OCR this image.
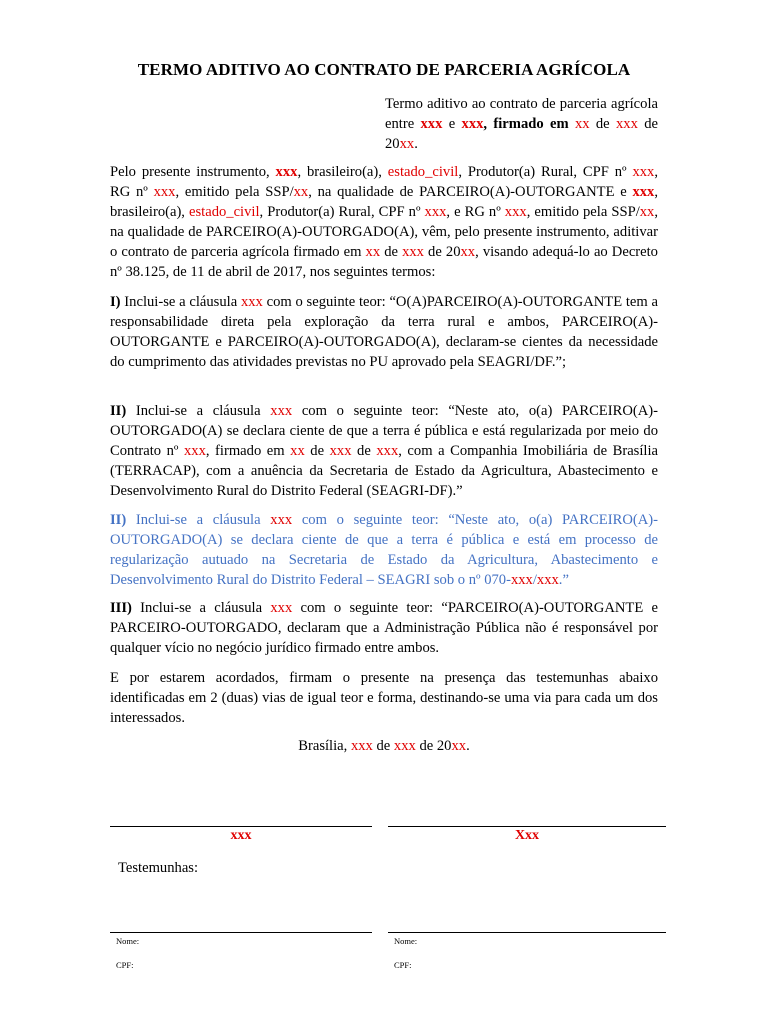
TERMO ADITIVO AO CONTRATO DE PARCERIA AGRÍCOLA
Termo aditivo ao contrato de parceria agrícola entre xxx e xxx, firmado em xx de xxx de 20xx.
Pelo presente instrumento, xxx, brasileiro(a), estado_civil, Produtor(a) Rural, CPF nº xxx, RG nº xxx, emitido pela SSP/xx, na qualidade de PARCEIRO(A)-OUTORGANTE e xxx, brasileiro(a), estado_civil, Produtor(a) Rural, CPF nº xxx, e RG nº xxx, emitido pela SSP/xx, na qualidade de PARCEIRO(A)-OUTORGADO(A), vêm, pelo presente instrumento, aditivar o contrato de parceria agrícola firmado em xx de xxx de 20xx, visando adequá-lo ao Decreto nº 38.125, de 11 de abril de 2017, nos seguintes termos:
I) Inclui-se a cláusula xxx com o seguinte teor: “O(A)PARCEIRO(A)-OUTORGANTE tem a responsabilidade direta pela exploração da terra rural e ambos, PARCEIRO(A)-OUTORGANTE e PARCEIRO(A)-OUTORGADO(A), declaram-se cientes da necessidade do cumprimento das atividades previstas no PU aprovado pela SEAGRI/DF.”;
II) Inclui-se a cláusula xxx com o seguinte teor: “Neste ato, o(a) PARCEIRO(A)-OUTORGADO(A) se declara ciente de que a terra é pública e está regularizada por meio do Contrato nº xxx, firmado em xx de xxx de xxx, com a Companhia Imobiliária de Brasília (TERRACAP), com a anuência da Secretaria de Estado da Agricultura, Abastecimento e Desenvolvimento Rural do Distrito Federal (SEAGRI-DF).”
II) Inclui-se a cláusula xxx com o seguinte teor: “Neste ato, o(a) PARCEIRO(A)-OUTORGADO(A) se declara ciente de que a terra é pública e está em processo de regularização autuado na Secretaria de Estado da Agricultura, Abastecimento e Desenvolvimento Rural do Distrito Federal – SEAGRI sob o nº 070-xxx/xxx.”
III) Inclui-se a cláusula xxx com o seguinte teor: “PARCEIRO(A)-OUTORGANTE e PARCEIRO-OUTORGADO, declaram que a Administração Pública não é responsável por qualquer vício no negócio jurídico firmado entre ambos.
E por estarem acordados, firmam o presente na presença das testemunhas abaixo identificadas em 2 (duas) vias de igual teor e forma, destinando-se uma via para cada um dos interessados.
Brasília, xxx de xxx de 20xx.
xxx	Xxx
Testemunhas:
Nome:	Nome:
CPF:	CPF:
